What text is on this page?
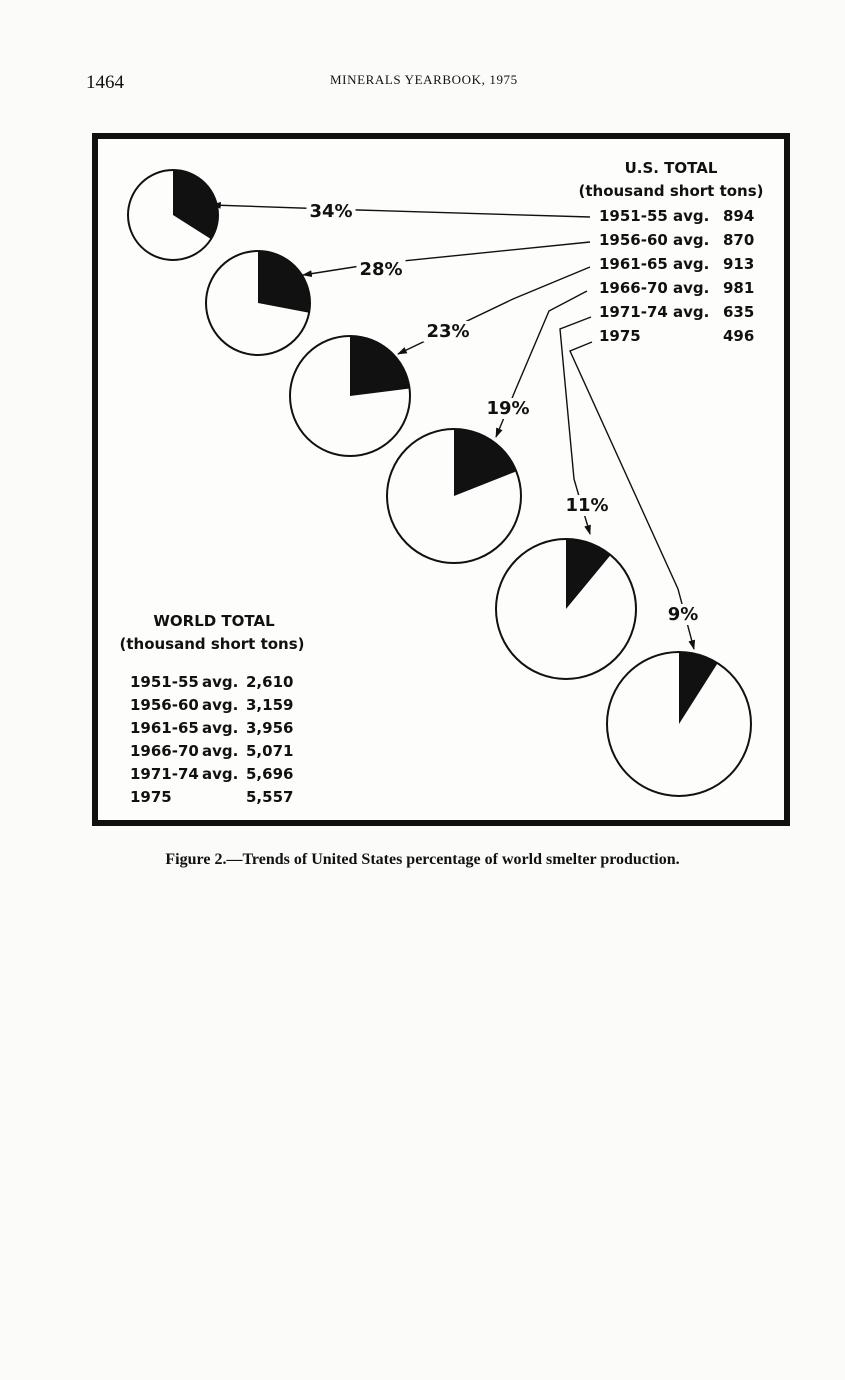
1464	MINERALS YEARBOOK, 1975
U.S. TOTAL
(thousand short tons)
1951-55 avg. 894
1956-60 avg. 870
1961-65 avg. 913
1966-70 avg. 981
1971-74 avg. 635
1975	496
WORLD TOTAL
(thousand short tons)
1951-55 avg. 2,610
1956-60 avg. 3,159
1961-65 avg. 3,956
1966-70 avg. 5,071
1971-74 avg. 5,696
1975	5,557
34%
28%
23%
19%
11%
9%
Figure 2.—Trends of United States percentage of world smelter production.
